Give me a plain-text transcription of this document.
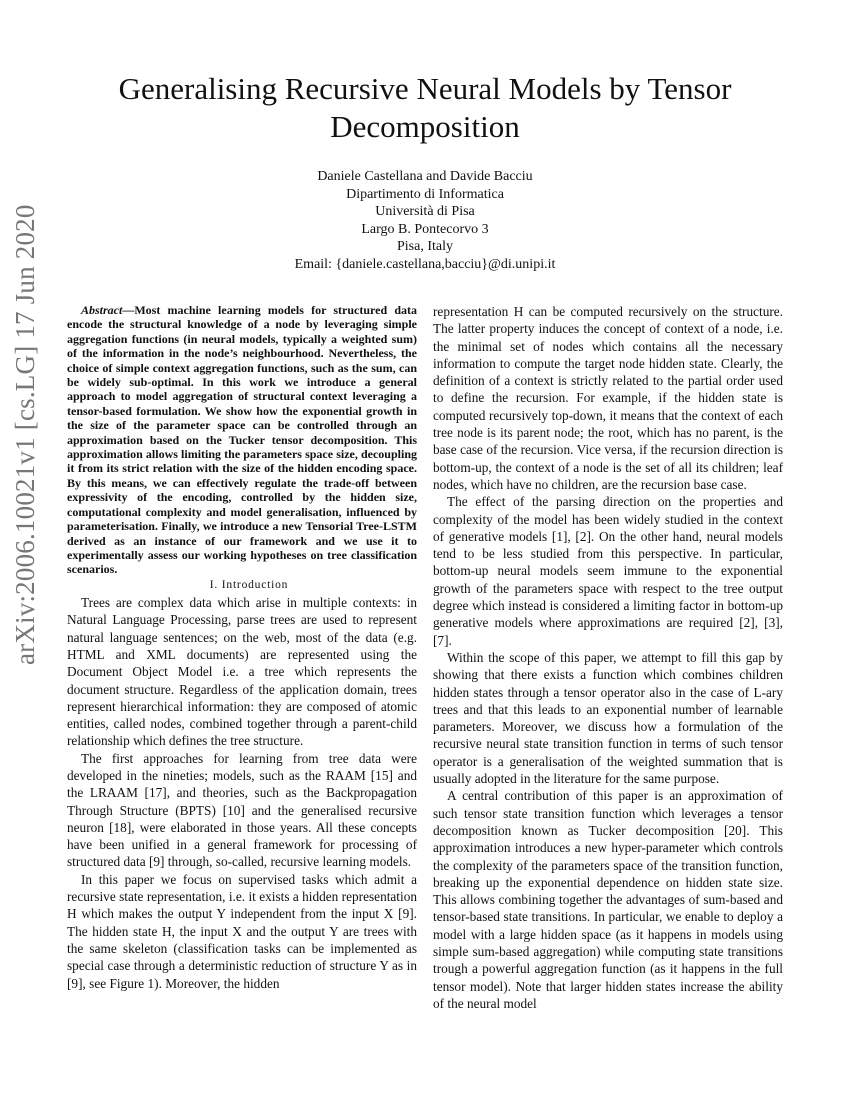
Generalising Recursive Neural Models by Tensor Decomposition
Daniele Castellana and Davide Bacciu
Dipartimento di Informatica
Università di Pisa
Largo B. Pontecorvo 3
Pisa, Italy
Email: {daniele.castellana,bacciu}@di.unipi.it
arXiv:2006.10021v1 [cs.LG] 17 Jun 2020	Abstract—Most machine learning models for structured data encode the structural knowledge of a node by leveraging simple aggregation functions (in neural models, typically a weighted sum) of the information in the node’s neighbourhood. Nevertheless, the choice of simple context aggregation functions, such as the sum, can be widely sub-optimal. In this work we introduce a general approach to model aggregation of structural context leveraging a tensor-based formulation. We show how the exponential growth in the size of the parameter space can be controlled through an approximation based on the Tucker tensor decomposition. This approximation allows limiting the parameters space size, decoupling it from its strict relation with the size of the hidden encoding space. By this means, we can effectively regulate the trade-off between expressivity of the encoding, controlled by the hidden size, computational complexity and model generalisation, influenced by parameterisation. Finally, we introduce a new Tensorial Tree-LSTM derived as an instance of our framework and we use it to experimentally assess our working hypotheses on tree classification scenarios.

I. Introduction

Trees are complex data which arise in multiple contexts: in Natural Language Processing, parse trees are used to represent natural language sentences; on the web, most of the data (e.g. HTML and XML documents) are represented using the Document Object Model i.e. a tree which represents the document structure. Regardless of the application domain, trees represent hierarchical information: they are composed of atomic entities, called nodes, combined together through a parent-child relationship which defines the tree structure.

The first approaches for learning from tree data were developed in the nineties; models, such as the RAAM [15] and the LRAAM [17], and theories, such as the Backpropagation Through Structure (BPTS) [10] and the generalised recursive neuron [18], were elaborated in those years. All these concepts have been unified in a general framework for processing of structured data [9] through, so-called, recursive learning models.

In this paper we focus on supervised tasks which admit a recursive state representation, i.e. it exists a hidden representation H which makes the output Y independent from the input X [9]. The hidden state H, the input X and the output Y are trees with the same skeleton (classification tasks can be implemented as special case through a deterministic reduction of structure Y as in [9], see Figure 1). Moreover, the hidden

representation H can be computed recursively on the structure. The latter property induces the concept of context of a node, i.e. the minimal set of nodes which contains all the necessary information to compute the target node hidden state. Clearly, the definition of a context is strictly related to the partial order used to define the recursion. For example, if the hidden state is computed recursively top-down, it means that the context of each tree node is its parent node; the root, which has no parent, is the base case of the recursion. Vice versa, if the recursion direction is bottom-up, the context of a node is the set of all its children; leaf nodes, which have no children, are the recursion base case.

The effect of the parsing direction on the properties and complexity of the model has been widely studied in the context of generative models [1], [2]. On the other hand, neural models tend to be less studied from this perspective. In particular, bottom-up neural models seem immune to the exponential growth of the parameters space with respect to the tree output degree which instead is considered a limiting factor in bottom-up generative models where approximations are required [2], [3], [7].

Within the scope of this paper, we attempt to fill this gap by showing that there exists a function which combines children hidden states through a tensor operator also in the case of L-ary trees and that this leads to an exponential number of learnable parameters. Moreover, we discuss how a formulation of the recursive neural state transition function in terms of such tensor operator is a generalisation of the weighted summation that is usually adopted in the literature for the same purpose.

A central contribution of this paper is an approximation of such tensor state transition function which leverages a tensor decomposition known as Tucker decomposition [20]. This approximation introduces a new hyper-parameter which controls the complexity of the parameters space of the transition function, breaking up the exponential dependence on hidden state size. This allows combining together the advantages of sum-based and tensor-based state transitions. In particular, we enable to deploy a model with a large hidden space (as it happens in models using simple sum-based aggregation) while computing state transitions trough a powerful aggregation function (as it happens in the full tensor model). Note that larger hidden states increase the ability of the neural model
